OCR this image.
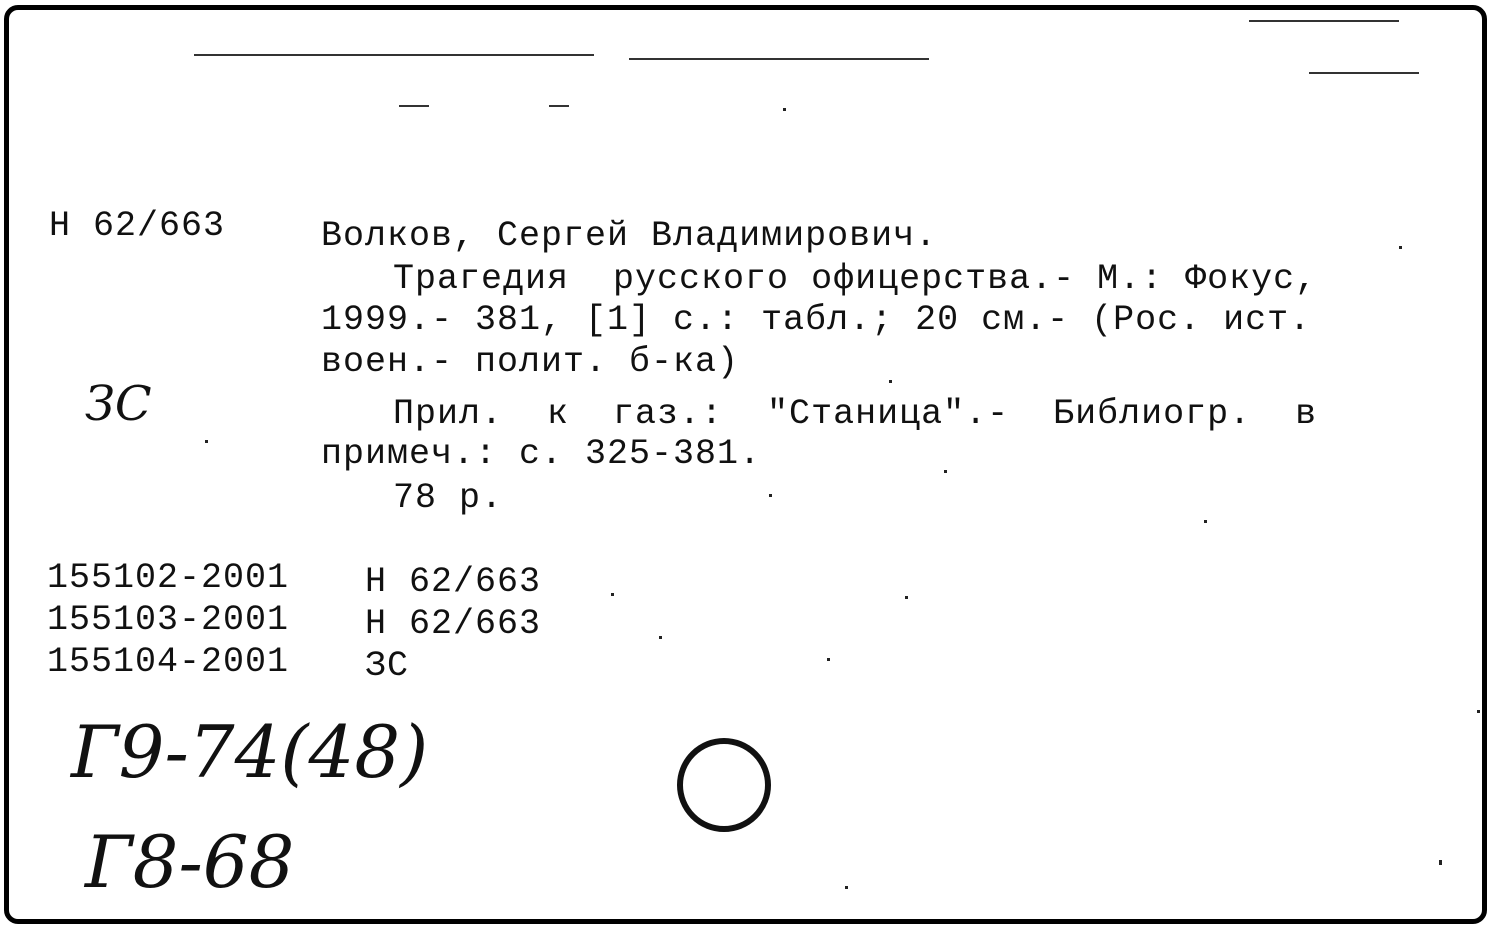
Н 62/663	Волков, Сергей Владимирович.
Трагедия  русского офицерства.- М.: Фокус,
1999.- 381, [1] с.: табл.; 20 см.- (Рос. ист.
воен.- полит. б-ка)
Прил.  к  газ.:  "Станица".-  Библиогр.  в
примеч.: с. 325-381.
78 р.
ЗС
155102-2001 Н 62/663
155103-2001 Н 62/663
155104-2001 ЗС
Г9-74(48)
Г8-68
